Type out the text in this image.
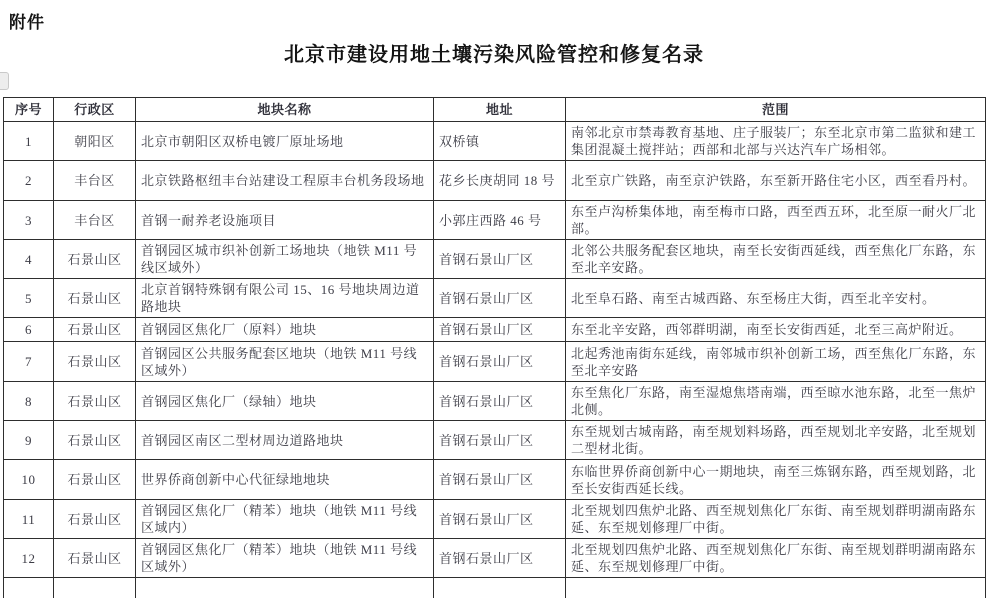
附件
北京市建设用地土壤污染风险管控和修复名录
序号	行政区	地块名称	地址	范围
1	朝阳区	北京市朝阳区双桥电镀厂原址场地	双桥镇	南邻北京市禁毒教育基地、庄子服装厂；东至北京市第二监狱和建工集团混凝土搅拌站；西部和北部与兴达汽车广场相邻。
2	丰台区	北京铁路枢纽丰台站建设工程原丰台机务段场地	花乡长庚胡同 18 号	北至京广铁路，南至京沪铁路，东至新开路住宅小区，西至看丹村。
3	丰台区	首钢一耐养老设施项目	小郭庄西路 46 号	东至卢沟桥集体地，南至梅市口路，西至西五环，北至原一耐火厂北部。
4	石景山区	首钢园区城市织补创新工场地块（地铁 M11 号线区域外）	首钢石景山厂区	北邻公共服务配套区地块，南至长安街西延线，西至焦化厂东路，东至北辛安路。
5	石景山区	北京首钢特殊钢有限公司 15、16 号地块周边道路地块	首钢石景山厂区	北至阜石路、南至古城西路、东至杨庄大街，西至北辛安村。
6	石景山区	首钢园区焦化厂（原料）地块	首钢石景山厂区	东至北辛安路，西邻群明湖，南至长安街西延，北至三高炉附近。
7	石景山区	首钢园区公共服务配套区地块（地铁 M11 号线区域外）	首钢石景山厂区	北起秀池南街东延线，南邻城市织补创新工场，西至焦化厂东路，东至北辛安路
8	石景山区	首钢园区焦化厂（绿轴）地块	首钢石景山厂区	东至焦化厂东路，南至湿熄焦塔南端，西至晾水池东路，北至一焦炉北侧。
9	石景山区	首钢园区南区二型材周边道路地块	首钢石景山厂区	东至规划古城南路，南至规划料场路，西至规划北辛安路，北至规划二型材北街。
10	石景山区	世界侨商创新中心代征绿地地块	首钢石景山厂区	东临世界侨商创新中心一期地块，南至三炼钢东路，西至规划路，北至长安街西延长线。
11	石景山区	首钢园区焦化厂（精苯）地块（地铁 M11 号线区域内）	首钢石景山厂区	北至规划四焦炉北路、西至规划焦化厂东街、南至规划群明湖南路东延、东至规划修理厂中街。
12	石景山区	首钢园区焦化厂（精苯）地块（地铁 M11 号线区域外）	首钢石景山厂区	北至规划四焦炉北路、西至规划焦化厂东街、南至规划群明湖南路东延、东至规划修理厂中街。
